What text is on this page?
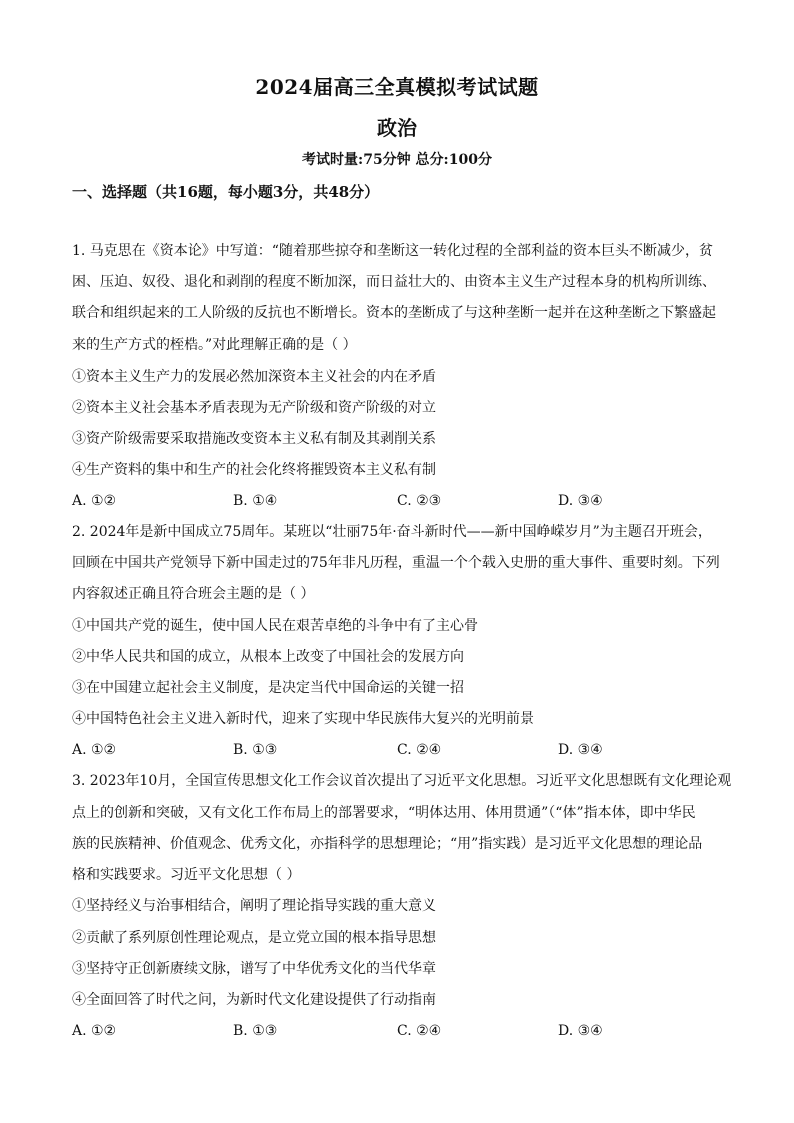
2024届高三全真模拟考试试题
政治
考试时量:75分钟 总分:100分
一、选择题（共16题，每小题3分，共48分）
1. 马克思在《资本论》中写道：“随着那些掠夺和垄断这一转化过程的全部利益的资本巨头不断减少，贫
困、压迫、奴役、退化和剥削的程度不断加深，而日益壮大的、由资本主义生产过程本身的机构所训练、
联合和组织起来的工人阶级的反抗也不断增长。资本的垄断成了与这种垄断一起并在这种垄断之下繁盛起
来的生产方式的桎梏。”对此理解正确的是（ ）
①资本主义生产力的发展必然加深资本主义社会的内在矛盾
②资本主义社会基本矛盾表现为无产阶级和资产阶级的对立
③资产阶级需要采取措施改变资本主义私有制及其剥削关系
④生产资料的集中和生产的社会化终将摧毁资本主义私有制
A. ①②	B. ①④	C. ②③	D. ③④
2. 2024年是新中国成立75周年。某班以“壮丽75年·奋斗新时代——新中国峥嵘岁月”为主题召开班会，
回顾在中国共产党领导下新中国走过的75年非凡历程，重温一个个载入史册的重大事件、重要时刻。下列
内容叙述正确且符合班会主题的是（ ）
①中国共产党的诞生，使中国人民在艰苦卓绝的斗争中有了主心骨
②中华人民共和国的成立，从根本上改变了中国社会的发展方向
③在中国建立起社会主义制度，是决定当代中国命运的关键一招
④中国特色社会主义进入新时代，迎来了实现中华民族伟大复兴的光明前景
A. ①②	B. ①③	C. ②④	D. ③④
3. 2023年10月，全国宣传思想文化工作会议首次提出了习近平文化思想。习近平文化思想既有文化理论观
点上的创新和突破，又有文化工作布局上的部署要求，“明体达用、体用贯通”（“体”指本体，即中华民
族的民族精神、价值观念、优秀文化，亦指科学的思想理论；“用”指实践）是习近平文化思想的理论品
格和实践要求。习近平文化思想（ ）
①坚持经义与治事相结合，阐明了理论指导实践的重大意义
②贡献了系列原创性理论观点，是立党立国的根本指导思想
③坚持守正创新赓续文脉，谱写了中华优秀文化的当代华章
④全面回答了时代之问，为新时代文化建设提供了行动指南
A. ①②	B. ①③	C. ②④	D. ③④
